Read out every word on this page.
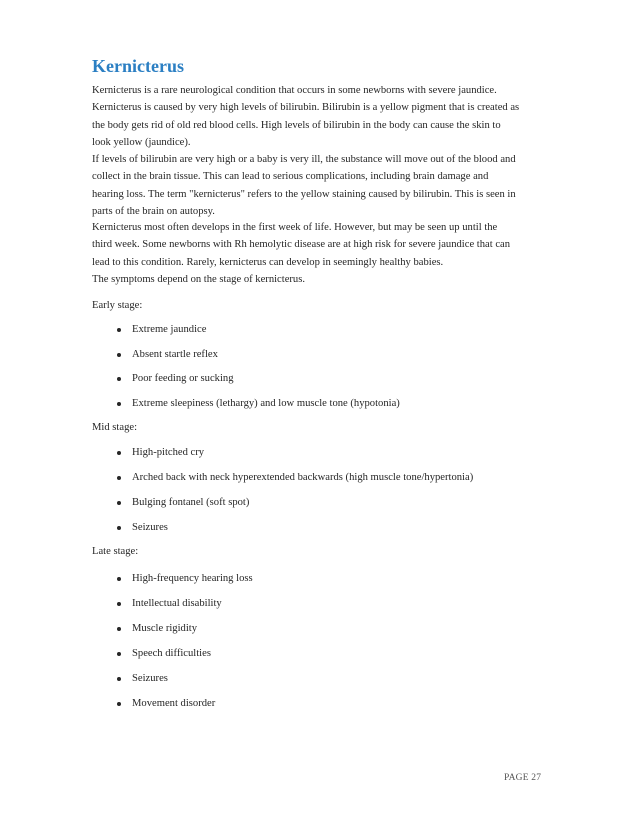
Kernicterus

Kernicterus is a rare neurological condition that occurs in some newborns with severe jaundice.
Kernicterus is caused by very high levels of bilirubin. Bilirubin is a yellow pigment that is created as
the body gets rid of old red blood cells. High levels of bilirubin in the body can cause the skin to
look yellow (jaundice).

If levels of bilirubin are very high or a baby is very ill, the substance will move out of the blood and
collect in the brain tissue. This can lead to serious complications, including brain damage and
hearing loss. The term "kernicterus" refers to the yellow staining caused by bilirubin. This is seen in
parts of the brain on autopsy.

Kernicterus most often develops in the first week of life. However, but may be seen up until the
third week. Some newborns with Rh hemolytic disease are at high risk for severe jaundice that can
lead to this condition. Rarely, kernicterus can develop in seemingly healthy babies.

The symptoms depend on the stage of kernicterus.

Early stage:
Extreme jaundice
Absent startle reflex
Poor feeding or sucking
Extreme sleepiness (lethargy) and low muscle tone (hypotonia)
Mid stage:
High-pitched cry
Arched back with neck hyperextended backwards (high muscle tone/hypertonia)
Bulging fontanel (soft spot)
Seizures
Late stage:
High-frequency hearing loss
Intellectual disability
Muscle rigidity
Speech difficulties
Seizures
Movement disorder
PAGE 27
